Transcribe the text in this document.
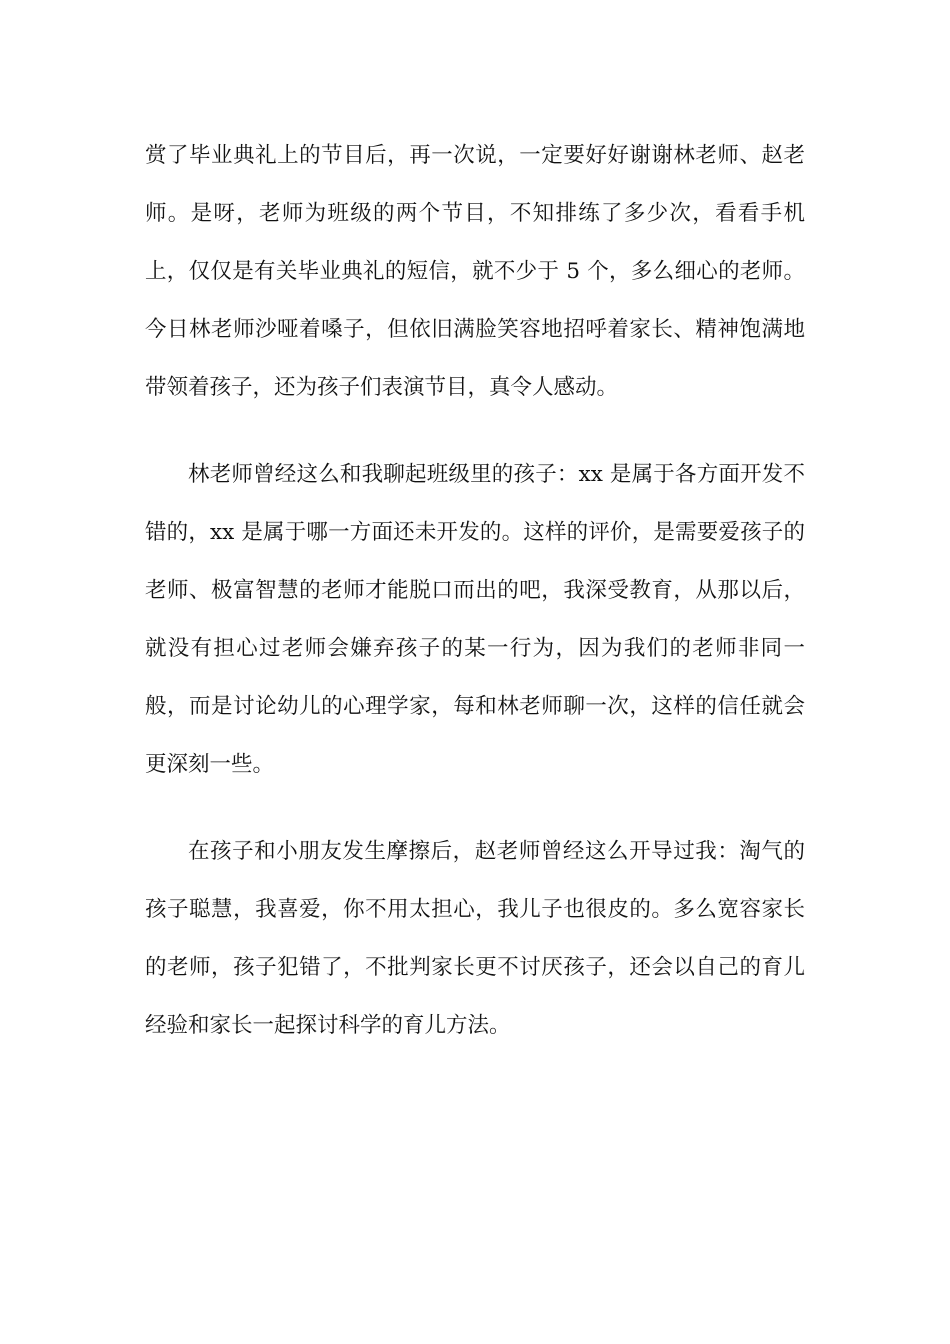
赏了毕业典礼上的节目后，再一次说，一定要好好谢谢林老师、赵老师。是呀，老师为班级的两个节目，不知排练了多少次，看看手机上，仅仅是有关毕业典礼的短信，就不少于 5 个，多么细心的老师。今日林老师沙哑着嗓子，但依旧满脸笑容地招呼着家长、精神饱满地带领着孩子，还为孩子们表演节目，真令人感动。

林老师曾经这么和我聊起班级里的孩子：xx 是属于各方面开发不错的，xx 是属于哪一方面还未开发的。这样的评价，是需要爱孩子的老师、极富智慧的老师才能脱口而出的吧，我深受教育，从那以后，就没有担心过老师会嫌弃孩子的某一行为，因为我们的老师非同一般，而是讨论幼儿的心理学家，每和林老师聊一次，这样的信任就会更深刻一些。

在孩子和小朋友发生摩擦后，赵老师曾经这么开导过我：淘气的孩子聪慧，我喜爱，你不用太担心，我儿子也很皮的。多么宽容家长的老师，孩子犯错了，不批判家长更不讨厌孩子，还会以自己的育儿经验和家长一起探讨科学的育儿方法。
